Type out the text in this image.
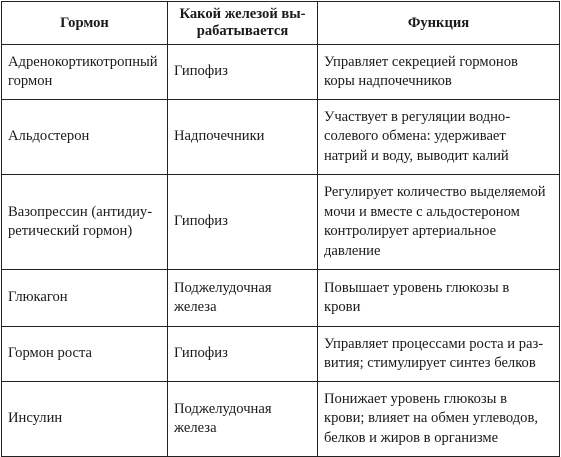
Гормон	Какой железой вы-
рабатывается	Функция

Адренокортикотропный
гормон	Гипофиз	Управляет секрецией гормонов
коры надпочечников

Альдостерон	Надпочечники	Участвует в регуляции водно-
солевого обмена: удерживает
натрий и воду, выводит калий

Вазопрессин (антидиу-
ретический гормон)	Гипофиз	Регулирует количество выделяемой
мочи и вместе с альдостероном
контролирует артериальное
давление

Глюкагон	Поджелудочная
железа	Повышает уровень глюкозы в
крови

Гормон роста	Гипофиз	Управляет процессами роста и раз-
вития; стимулирует синтез белков

Инсулин	Поджелудочная
железа	Понижает уровень глюкозы в
крови; влияет на обмен углеводов,
белков и жиров в организме
